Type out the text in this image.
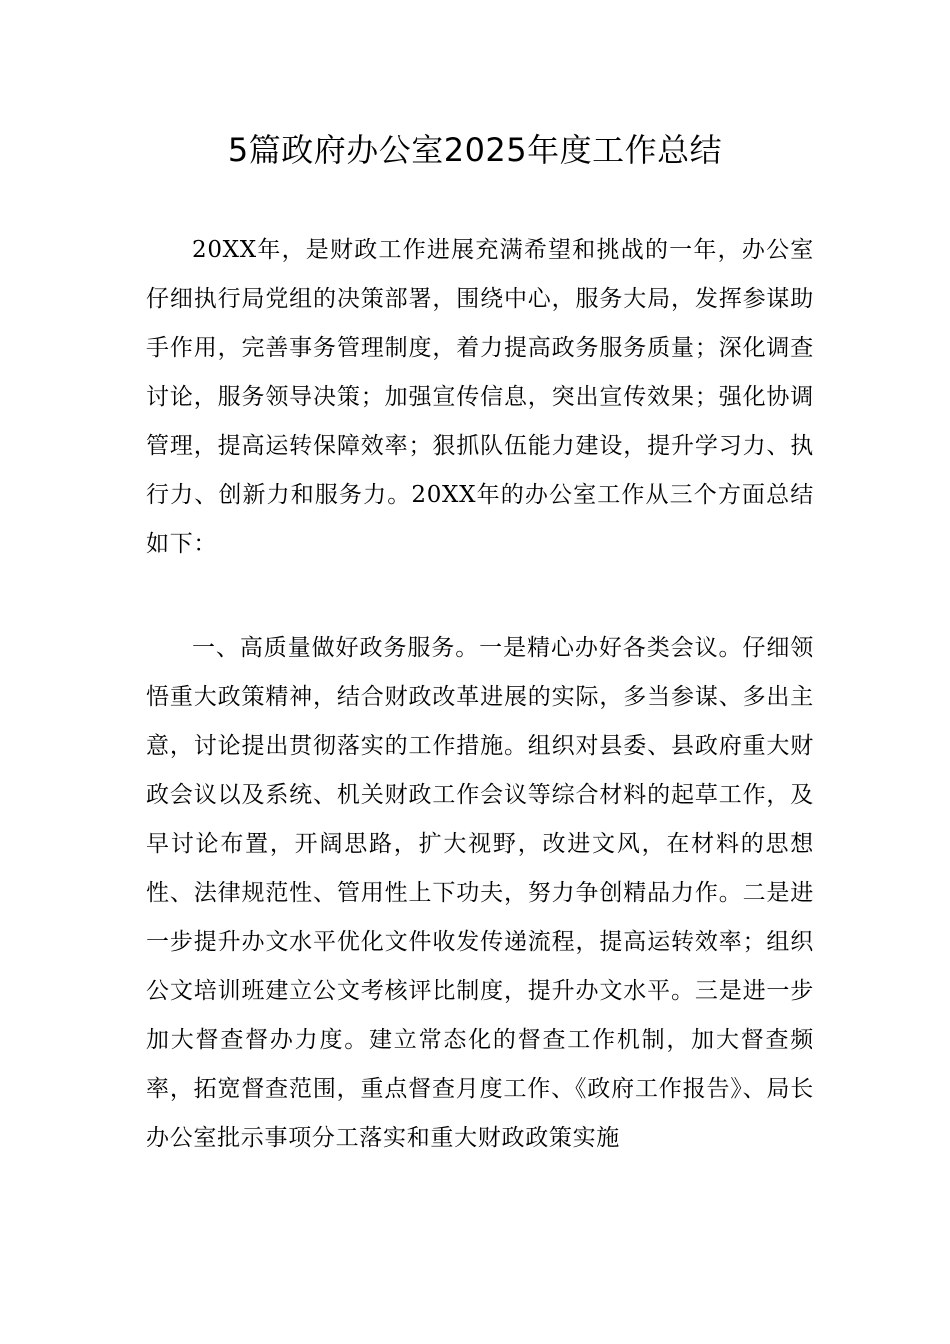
5篇政府办公室2025年度工作总结

20XX年，是财政工作进展充满希望和挑战的一年，办公室仔细执行局党组的决策部署，围绕中心，服务大局，发挥参谋助手作用，完善事务管理制度，着力提高政务服务质量；深化调查讨论，服务领导决策；加强宣传信息，突出宣传效果；强化协调管理，提高运转保障效率；狠抓队伍能力建设，提升学习力、执行力、创新力和服务力。20XX年的办公室工作从三个方面总结如下：

一、高质量做好政务服务。一是精心办好各类会议。仔细领悟重大政策精神，结合财政改革进展的实际，多当参谋、多出主意，讨论提出贯彻落实的工作措施。组织对县委、县政府重大财政会议以及系统、机关财政工作会议等综合材料的起草工作，及早讨论布置，开阔思路，扩大视野，改进文风，在材料的思想性、法律规范性、管用性上下功夫，努力争创精品力作。二是进一步提升办文水平优化文件收发传递流程，提高运转效率；组织公文培训班建立公文考核评比制度，提升办文水平。三是进一步加大督查督办力度。建立常态化的督查工作机制，加大督查频率，拓宽督查范围，重点督查月度工作、《政府工作报告》、局长办公室批示事项分工落实和重大财政政策实施
